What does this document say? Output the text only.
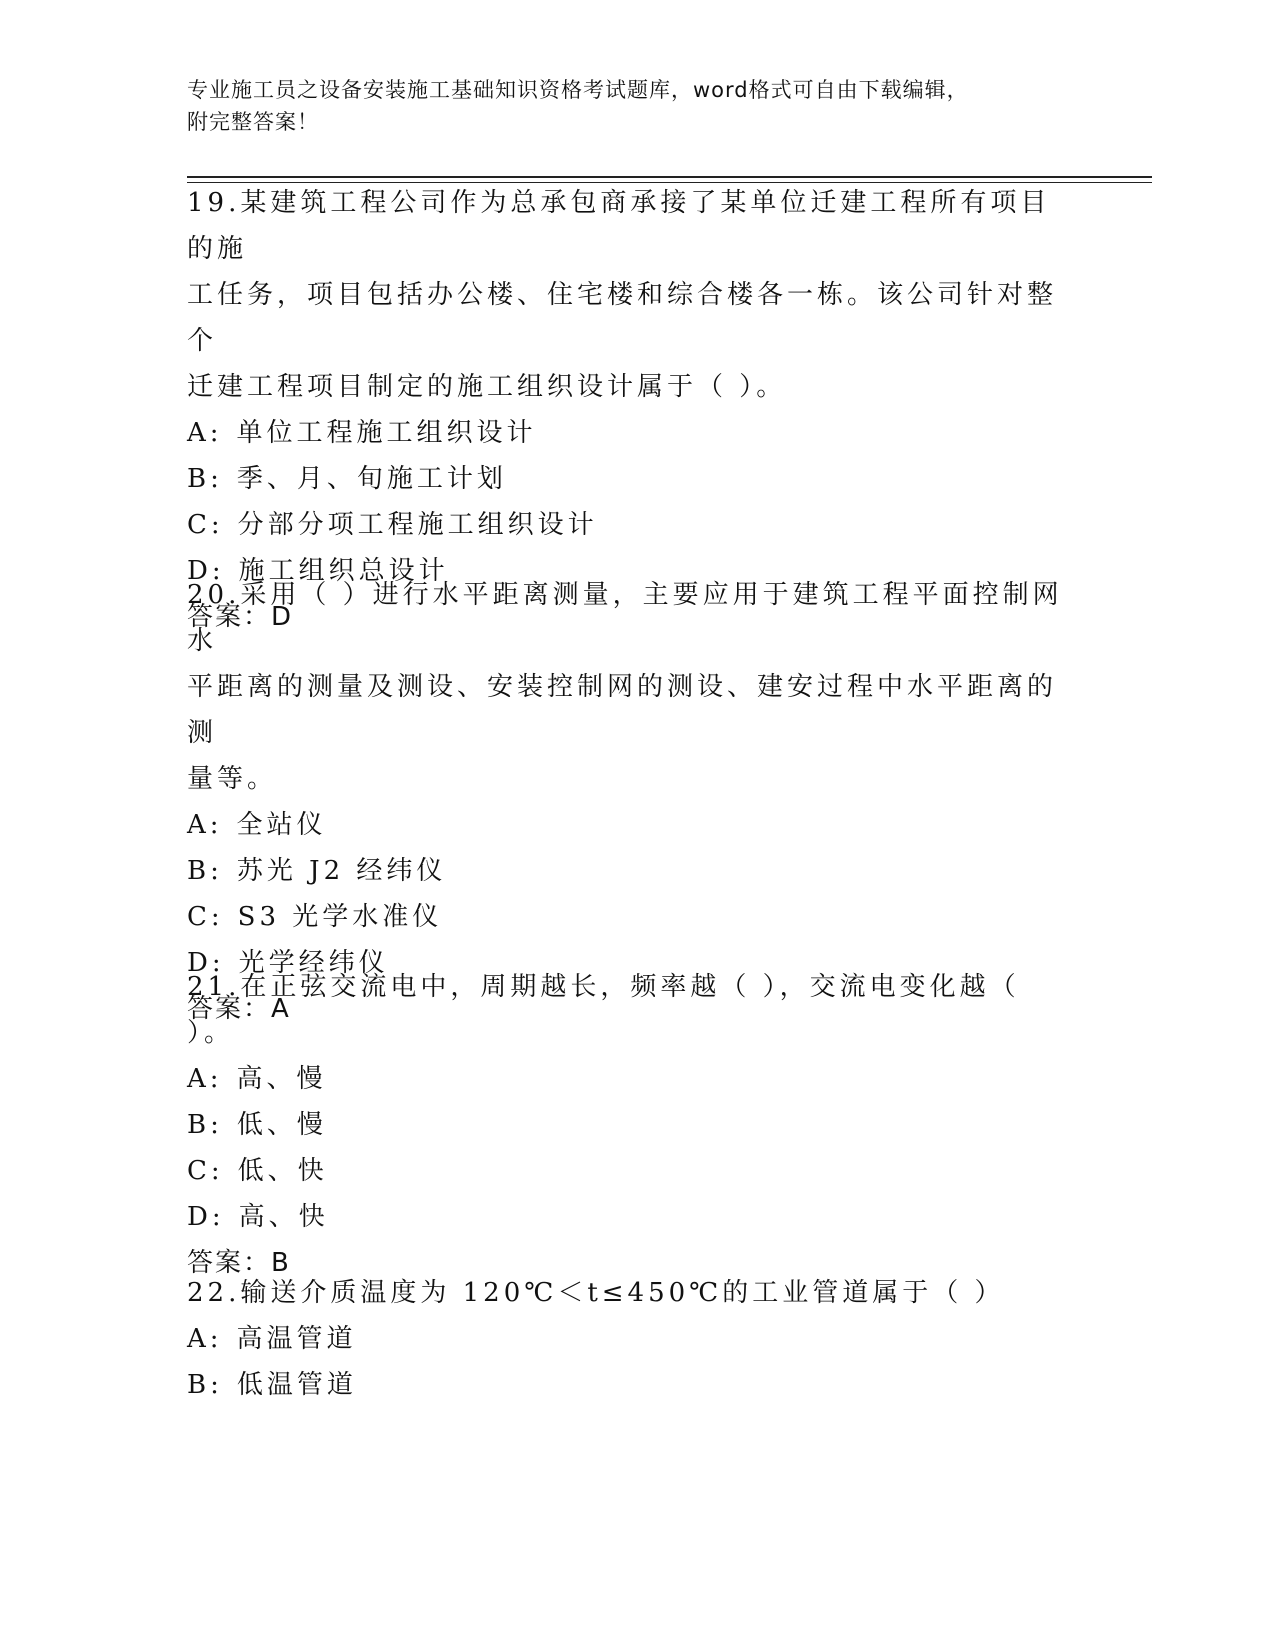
专业施工员之设备安装施工基础知识资格考试题库，word格式可自由下载编辑，
附完整答案！

19.某建筑工程公司作为总承包商承接了某单位迁建工程所有项目的施

工任务，项目包括办公楼、住宅楼和综合楼各一栋。该公司针对整个

迁建工程项目制定的施工组织设计属于（ ）。

A: 单位工程施工组织设计

B: 季、月、旬施工计划

C: 分部分项工程施工组织设计

D: 施工组织总设计

答案：D

20.采用（ ）进行水平距离测量，主要应用于建筑工程平面控制网水

平距离的测量及测设、安装控制网的测设、建安过程中水平距离的测

量等。

A: 全站仪

B: 苏光 J2 经纬仪

C: S3 光学水准仪

D: 光学经纬仪

答案：A

21.在正弦交流电中，周期越长，频率越（ ），交流电变化越（ ）。

A: 高、慢

B: 低、慢

C: 低、快

D: 高、快

答案：B

22.输送介质温度为 120℃＜t≤450℃的工业管道属于（ ）

A: 高温管道

B: 低温管道
